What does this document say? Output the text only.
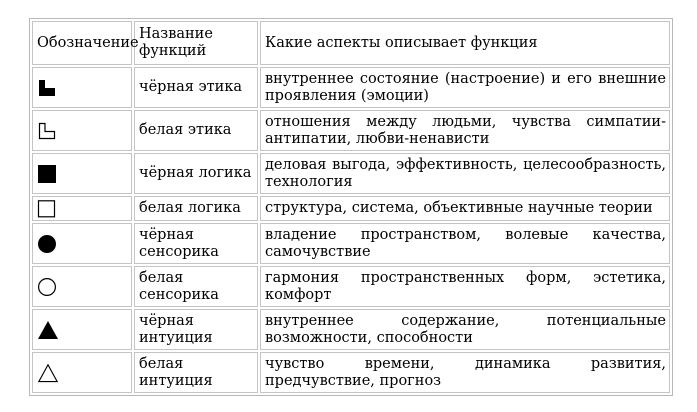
Обозначение	Название функций	Какие аспекты описывает функция

	чёрная этика	внутреннее состояние (настроение) и его внешние проявления (эмоции)

	белая этика	отношения между людьми, чувства симпатии-антипатии, любви-ненависти

	чёрная логика	деловая выгода, эффективность, целесообразность, технология

	белая логика	структура, система, объективные научные теории

	чёрная сенсорика	владение пространством, волевые качества, самочувствие

	белая сенсорика	гармония пространственных форм, эстетика, комфорт

	чёрная интуиция	внутреннее содержание, потенциальные возможности, способности

	белая интуиция	чувство времени, динамика развития, предчувствие, прогноз
